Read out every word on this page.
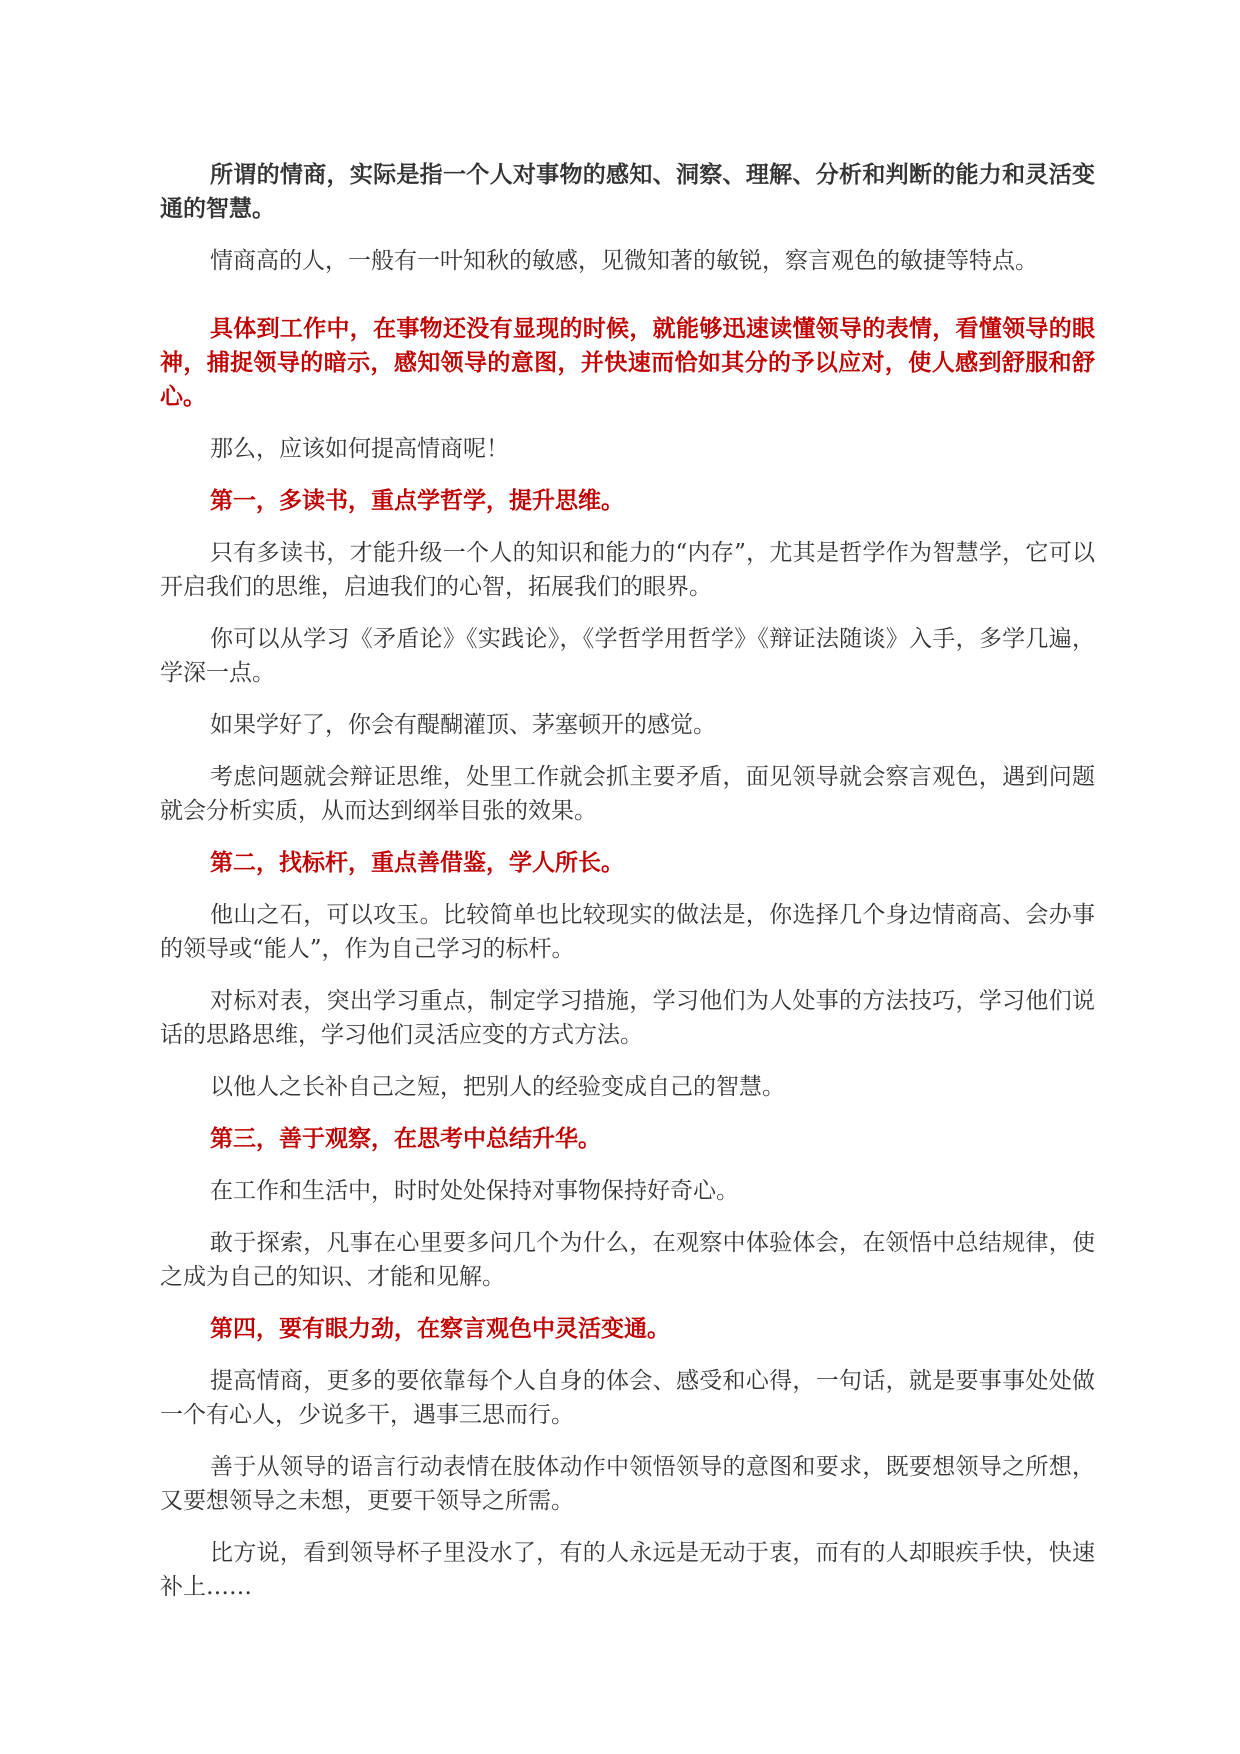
所谓的情商，实际是指一个人对事物的感知、洞察、理解、分析和判断的能力和灵活变通的智慧。

情商高的人，一般有一叶知秋的敏感，见微知著的敏锐，察言观色的敏捷等特点。

具体到工作中，在事物还没有显现的时候，就能够迅速读懂领导的表情，看懂领导的眼神，捕捉领导的暗示，感知领导的意图，并快速而恰如其分的予以应对，使人感到舒服和舒心。

那么，应该如何提高情商呢！

第一，多读书，重点学哲学，提升思维。

只有多读书，才能升级一个人的知识和能力的“内存”，尤其是哲学作为智慧学，它可以开启我们的思维，启迪我们的心智，拓展我们的眼界。

你可以从学习《矛盾论》《实践论》，《学哲学用哲学》《辩证法随谈》入手，多学几遍，学深一点。

如果学好了，你会有醍醐灌顶、茅塞顿开的感觉。

考虑问题就会辩证思维，处里工作就会抓主要矛盾，面见领导就会察言观色，遇到问题就会分析实质，从而达到纲举目张的效果。

第二，找标杆，重点善借鉴，学人所长。

他山之石，可以攻玉。比较简单也比较现实的做法是，你选择几个身边情商高、会办事的领导或“能人”，作为自己学习的标杆。

对标对表，突出学习重点，制定学习措施，学习他们为人处事的方法技巧，学习他们说话的思路思维，学习他们灵活应变的方式方法。

以他人之长补自己之短，把别人的经验变成自己的智慧。

第三，善于观察，在思考中总结升华。

在工作和生活中，时时处处保持对事物保持好奇心。

敢于探索，凡事在心里要多问几个为什么，在观察中体验体会，在领悟中总结规律，使之成为自己的知识、才能和见解。

第四，要有眼力劲，在察言观色中灵活变通。

提高情商，更多的要依靠每个人自身的体会、感受和心得，一句话，就是要事事处处做一个有心人，少说多干，遇事三思而行。

善于从领导的语言行动表情在肢体动作中领悟领导的意图和要求，既要想领导之所想，又要想领导之未想，更要干领导之所需。

比方说，看到领导杯子里没水了，有的人永远是无动于衷，而有的人却眼疾手快，快速补上……
